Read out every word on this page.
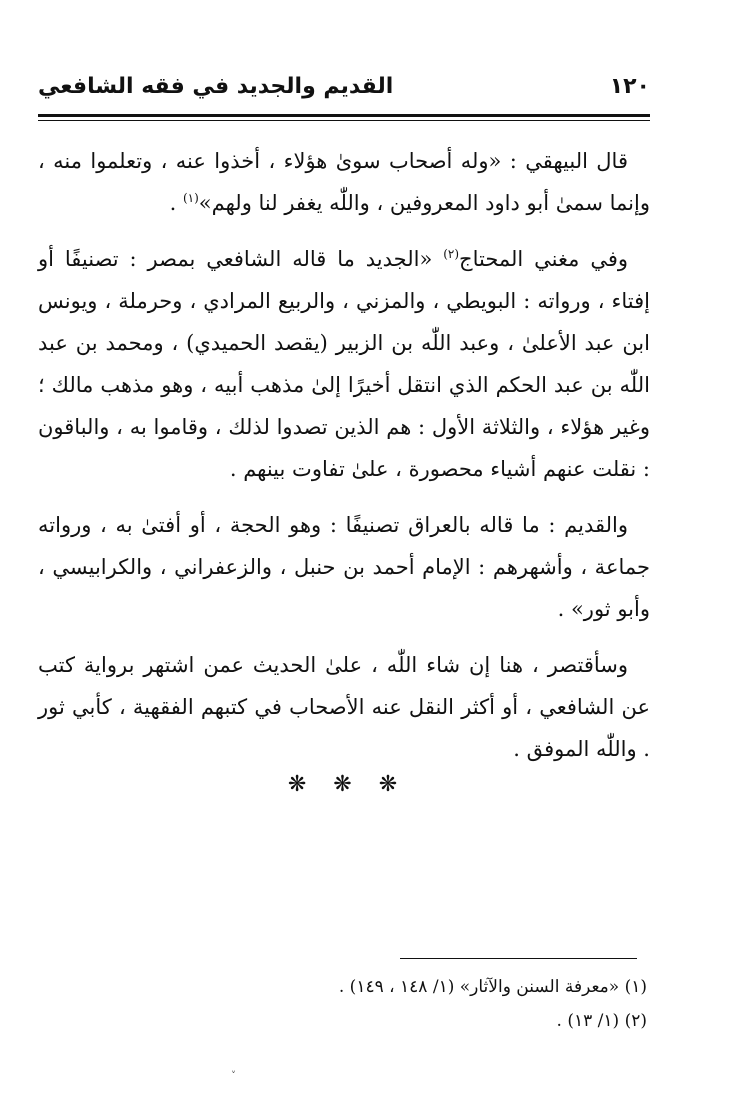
القديم والجديد في فقه الشافعي	١٢٠

قال البيهقي : «وله أصحاب سوىٰ هؤلاء ، أخذوا عنه ، وتعلموا منه ، وإنما سمىٰ أبو داود المعروفين ، واللّٰه يغفر لنا ولهم»$^{(١)}$ .

وفي مغني المحتاج$^{(٢)}$ «الجديد ما قاله الشافعي بمصر : تصنيفًا أو إفتاء ، ورواته : البويطي ، والمزني ، والربيع المرادي ، وحرملة ، ويونس ابن عبد الأعلىٰ ، وعبد اللّٰه بن الزبير (يقصد الحميدي) ، ومحمد بن عبد اللّٰه بن عبد الحكم الذي انتقل أخيرًا إلىٰ مذهب أبيه ، وهو مذهب مالك ؛ وغير هؤلاء ، والثلاثة الأول : هم الذين تصدوا لذلك ، وقاموا به ، والباقون : نقلت عنهم أشياء محصورة ، علىٰ تفاوت بينهم .

والقديم : ما قاله بالعراق تصنيفًا : وهو الحجة ، أو أفتىٰ به ، ورواته جماعة ، وأشهرهم : الإمام أحمد بن حنبل ، والزعفراني ، والكرابيسي ، وأبو ثور» .

وسأقتصر ، هنا إن شاء اللّٰه ، علىٰ الحديث عمن اشتهر برواية كتب عن الشافعي ، أو أكثر النقل عنه الأصحاب في كتبهم الفقهية ، كأبي ثور . واللّٰه الموفق .

❋ ❋ ❋

(١) «معرفة السنن والآثار» (١/ ١٤٨ ، ١٤٩) .

(٢) (١/ ١٣) .

ˬ
